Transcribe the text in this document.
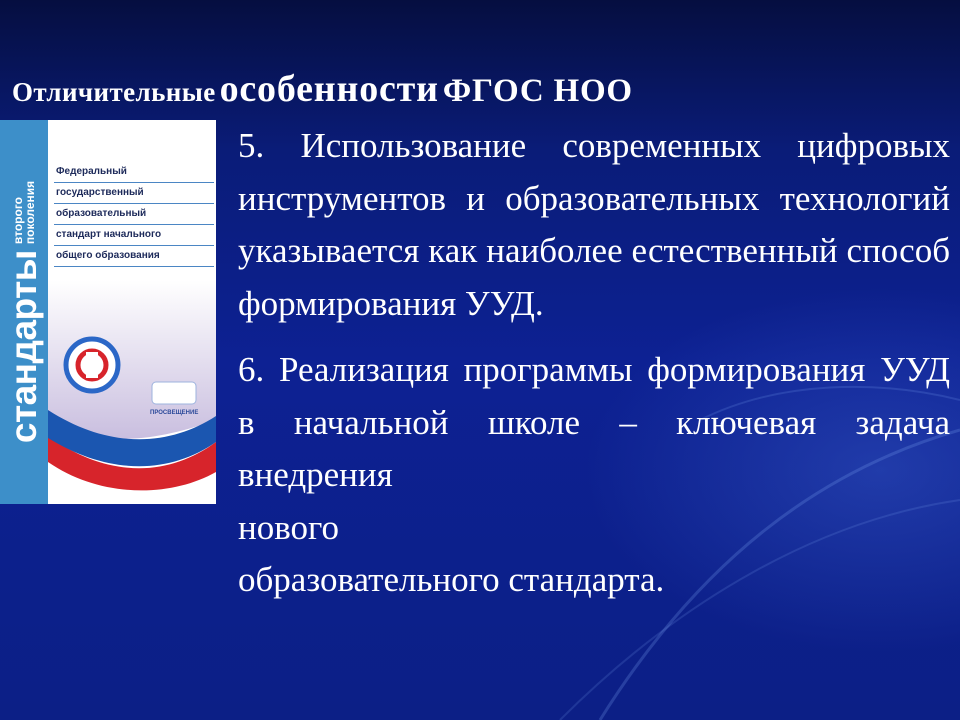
Отличительные особенности ФГОС НОО
стандарты
второго
поколения
Федеральный
государственный
образовательный
стандарт начального
общего образования
ПРОСВЕЩЕНИЕ

5. Использование современных цифровых инструментов и образовательных технологий указывается как наиболее естественный способ формирования УУД.

6. Реализация программы формирования УУД в начальной школе – ключевая задача внедрения
нового
образовательного стандарта.
